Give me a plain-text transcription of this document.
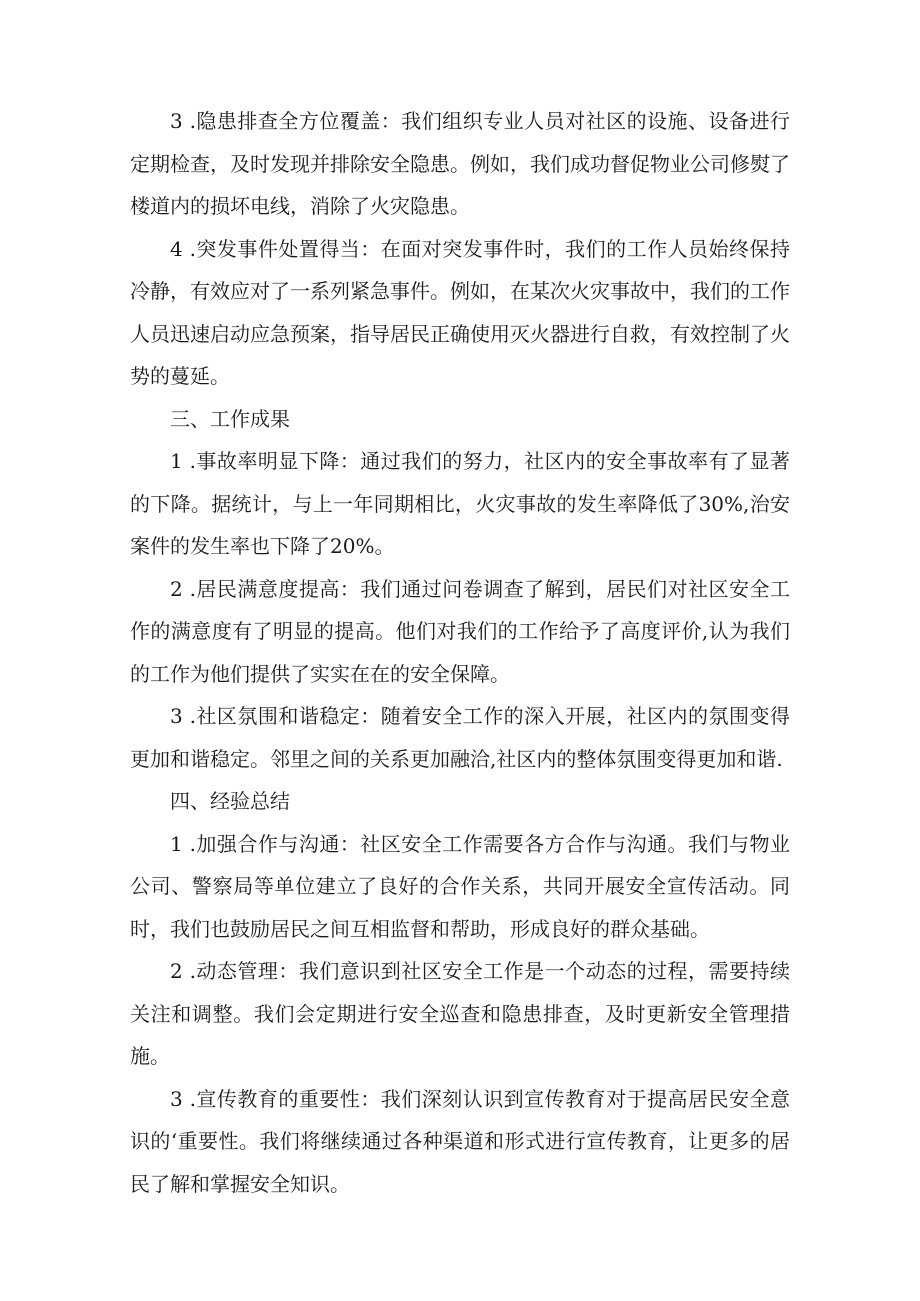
3 .隐患排查全方位覆盖：我们组织专业人员对社区的设施、设备进行定期检查，及时发现并排除安全隐患。例如，我们成功督促物业公司修熨了楼道内的损坏电线，消除了火灾隐患。

4 .突发事件处置得当：在面对突发事件时，我们的工作人员始终保持冷静，有效应对了一系列紧急事件。例如，在某次火灾事故中，我们的工作人员迅速启动应急预案，指导居民正确使用灭火器进行自救，有效控制了火势的蔓延。

三、工作成果

1 .事故率明显下降：通过我们的努力，社区内的安全事故率有了显著的下降。据统计，与上一年同期相比，火灾事故的发生率降低了30%,治安案件的发生率也下降了20%。

2 .居民满意度提高：我们通过问卷调查了解到，居民们对社区安全工作的满意度有了明显的提高。他们对我们的工作给予了高度评价,认为我们的工作为他们提供了实实在在的安全保障。

3 .社区氛围和谐稳定：随着安全工作的深入开展，社区内的氛围变得更加和谐稳定。邻里之间的关系更加融洽,社区内的整体氛围变得更加和谐.

四、经验总结

1 .加强合作与沟通：社区安全工作需要各方合作与沟通。我们与物业公司、警察局等单位建立了良好的合作关系，共同开展安全宣传活动。同时，我们也鼓励居民之间互相监督和帮助，形成良好的群众基础。

2 .动态管理：我们意识到社区安全工作是一个动态的过程，需要持续关注和调整。我们会定期进行安全巡查和隐患排查，及时更新安全管理措施。

3 .宣传教育的重要性：我们深刻认识到宣传教育对于提高居民安全意识的‘重要性。我们将继续通过各种渠道和形式进行宣传教育，让更多的居民了解和掌握安全知识。
